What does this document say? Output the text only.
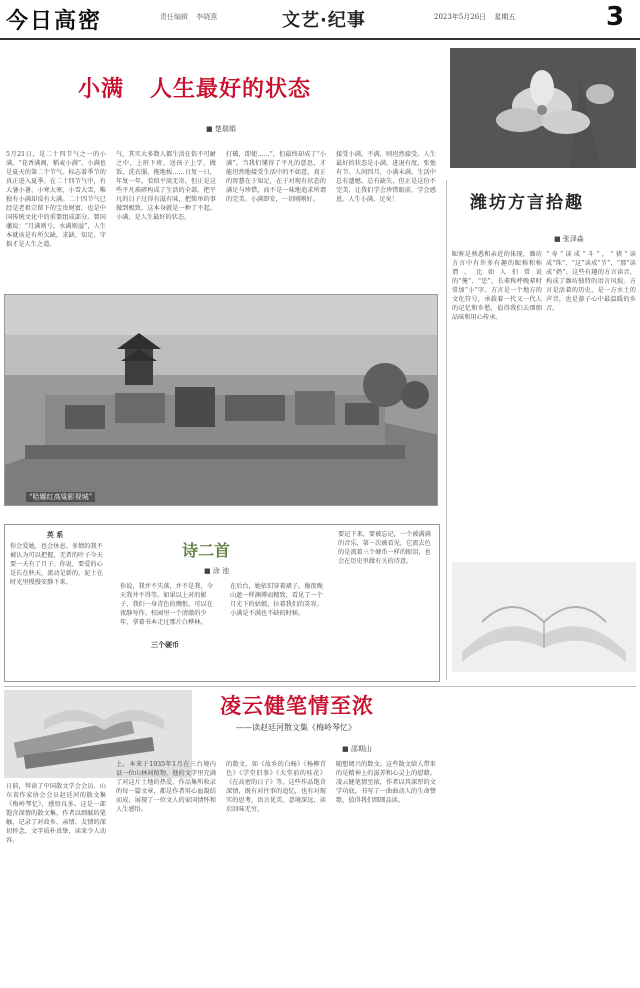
今日高密	责任编辑 李晓燕	文艺·纪事	2023年5月26日 星期五	3
小满 人生最好的状态
■ 楚瑞娟
5月21日，是二十四节气之一的小满。“花香满阁，稻麦小满”，小满也是夏天的第二个节气。标志着季节的真正进入夏季。在二十四节气中，有大暑小暑、小寒大寒，小雪大雪，唯独有小满却没有大满。二十四节气已经是老祖宗留下的宝贵财富，也是中国传统文化中的重要组成部分。曾国藩说：“月满则亏，水满则溢”，人生本就该是有所欠缺，求缺、知足、守拙才是人生之道。
气，其实大多数人都生活在俗不可耐之中，上班下班，送孩子上学，做饭、洗衣服、拖地板……日复一日，年复一年，看似平淡无奇，但正是这些平凡琐碎构成了生活的全部。把平凡的日子过得有滋有味，把简单的事做到极致，这本身就是一种了不起。小满，是人生最好的状态。
打破，即使……”，但最终却成了“小满”。当我们懂得了平凡的意思，才能坦然地接受生活中的不如意，真正的智慧在于知足，在于对现有状态的满足与珍惜，而不是一味地追求所谓的完美。小满即安，一切刚刚好。
接受小满，不满，则坦然接受。人生最好的状态是小满，进退有度，张弛有节。人间四月，小满未满。生活中总有遗憾，总有缺失，但正是这份不完美，让我们学会珍惜眼前，学会感恩。人生小满，足矣！
“哈娜红高粱影视城”
潍坊方言拾趣
■ 张泽淼
昵称是熟悉和亲近的体现，潍坊方言中有许多有趣的昵称和称谓。比如人们常说的“俺”、“恁”，长辈称呼晚辈时常加“小”字。方言是一个地方的文化符号，承载着一代又一代人的记忆和乡愁，值得我们去细细品味和用心传承。
“寿”读成“斗”，“猪”读成“珠”，“这”读成“节”，“那”读成“奶”。这些有趣的方言读音，构成了潍坊独特的语言风貌。方言是活着的历史，是一方水土的声音，也是游子心中最温暖的乡音。
诗二首
■ 涂 池
英 系
你会爱她，也会休息。多情的我不被认为可以把握，无者的叶子今天要一天有了月子。你说，要爱的心是长在秋天，流动是新的，泥土在时光里慢慢安静下来。
你说，我并不失落，并不是我，今天我并不得等。如果以上对的影子，我们一身青色的惆怅，可以在夜静写作。校园里一个清澈的少年，拿着书本走过那片白桦林。
三个硬币
在后台，她依旧穿着裙子，像夜晚山遮一样渊博而精致，看见了一个月光下的姑娘，拉着我们的笑容。小满是不满也不缺的时候。
要记下来，要被忘记，一个被满满的音乐，第一次被看见，它流去色的是流着三个硬币一样的眼泪，也会在历史里做有关的诗意。
凌云健笔情至浓
——读赵廷河散文集《梅岭琴忆》
■ 邵期山
日前，拜读了中国散文学会会员、山东省作家协会会员赵廷河的散文集《梅岭琴忆》，感悟良多。这是一部饱含深情的散文集，作者以细腻的笔触，记录了对故乡、亲情、友情的深切怀念，文字质朴真挚，读来令人动容。
上，本来于1935年1月在三台境内县一位山林间植物，他的文字里充满了对这片土地的热爱。作品集所收录的每一篇文章，都是作者用心血凝结而成，展现了一位文人的家国情怀和人生感悟。
的数文，如《故乡的白杨》《杨柳青色》《学堂旧事》《大堂前的桂花》《在高密的日子》等，这些作品饱含深情，既有对往事的追忆，也有对现实的思考，语言优美，意境深远，读后回味无穷。
随想阅兴的数文。这些散文给人带来的是精神上的滋养和心灵上的慰藉。凌云健笔情至浓，作者以其深厚的文学功底，书写了一曲曲动人的生命赞歌，值得我们细细品读。
